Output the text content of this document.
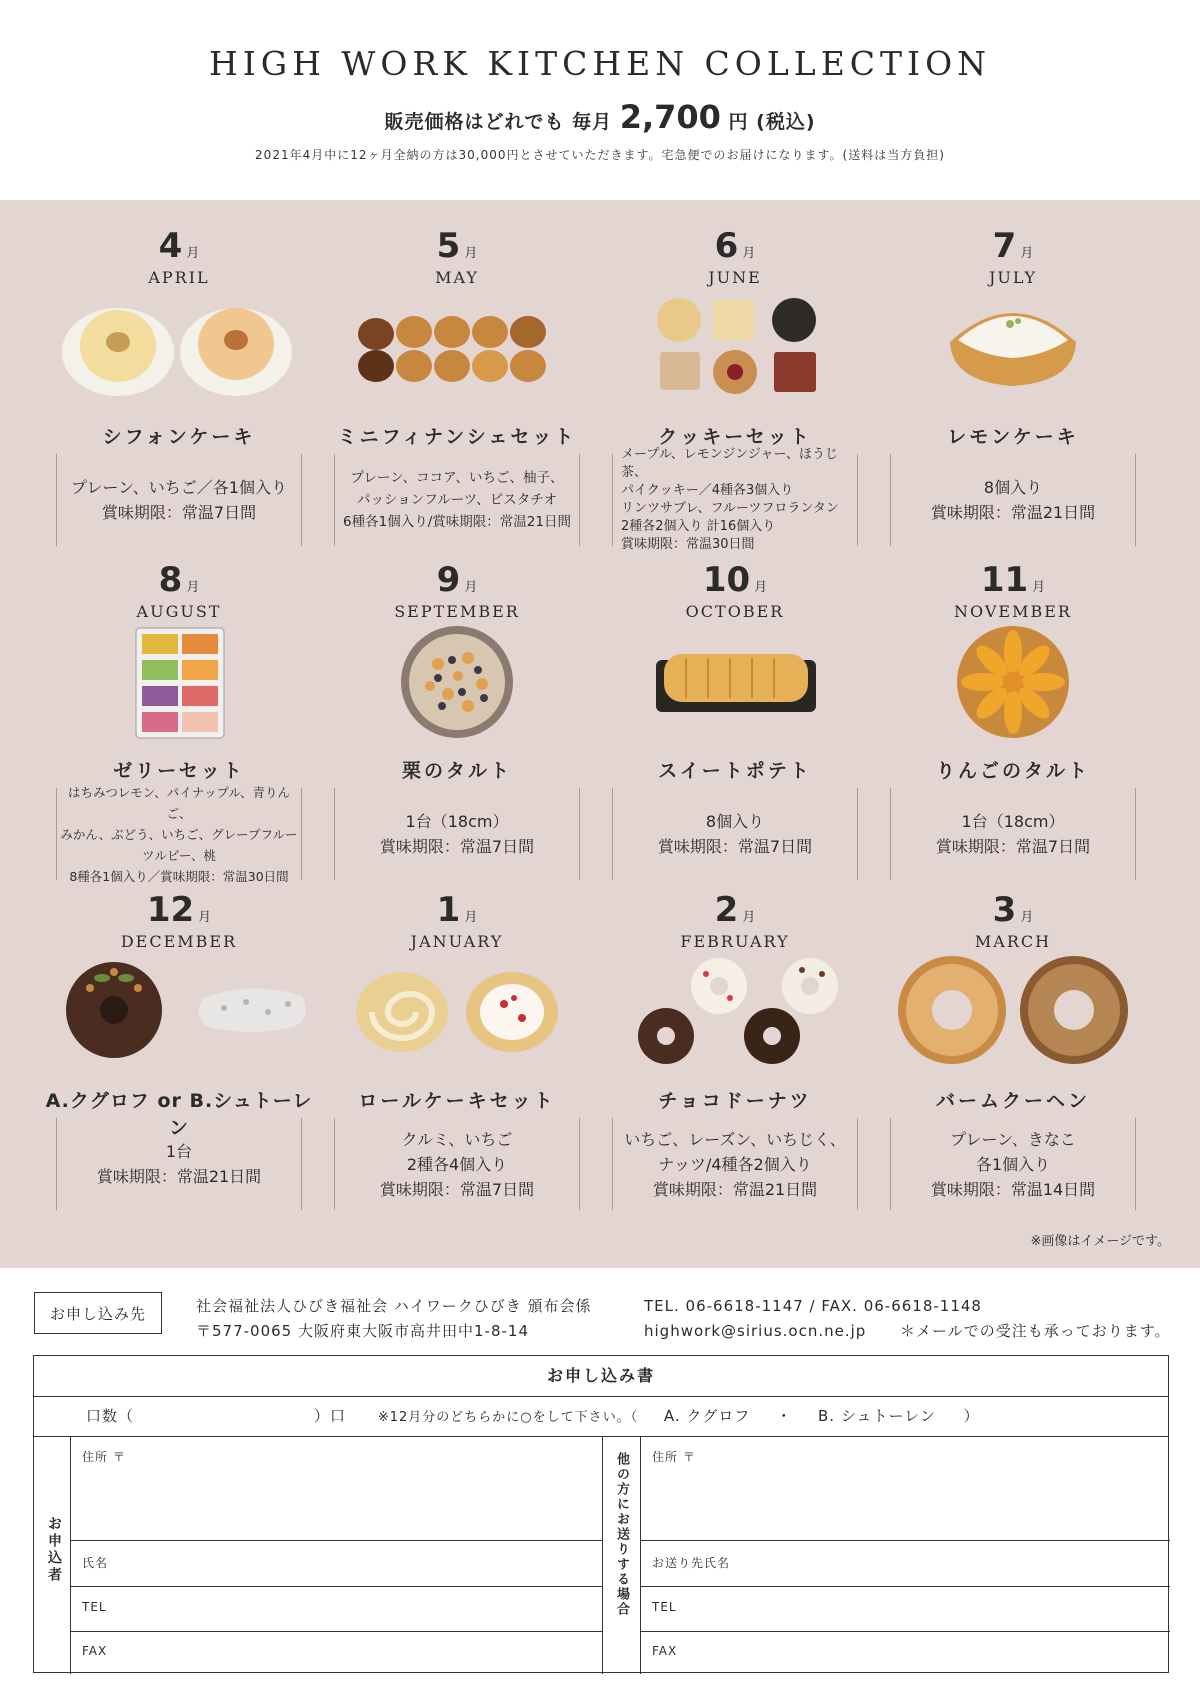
HIGH WORK KITCHEN COLLECTION
販売価格はどれでも 毎月 2,700 円 (税込)
2021年4月中に12ヶ月全納の方は30,000円とさせていただきます。宅急便でのお届けになります。(送料は当方負担)
4 月
APRIL
シフォンケーキ
プレーン、いちご／各1個入り
賞味期限：常温7日間
5 月
MAY
ミニフィナンシェセット
プレーン、ココア、いちご、柚子、
パッションフルーツ、ピスタチオ
6種各1個入り/賞味期限：常温21日間
6 月
JUNE
クッキーセット
メープル、レモンジンジャー、ほうじ茶、
パイクッキー／4種各3個入り
リンツサブレ、フルーツフロランタン
2種各2個入り 計16個入り
賞味期限：常温30日間
7 月
JULY
レモンケーキ
8個入り
賞味期限：常温21日間
8 月
AUGUST
ゼリーセット
はちみつレモン、パイナップル、青りんご、
みかん、ぶどう、いちご、グレープフルーツルビー、桃
8種各1個入り／賞味期限：常温30日間
9 月
SEPTEMBER
栗のタルト
1台（18cm）
賞味期限：常温7日間
10 月
OCTOBER
スイートポテト
8個入り
賞味期限：常温7日間
11 月
NOVEMBER
りんごのタルト
1台（18cm）
賞味期限：常温7日間
12 月
DECEMBER
A.クグロフ or B.シュトーレン
1台
賞味期限：常温21日間
1 月
JANUARY
ロールケーキセット
クルミ、いちご
2種各4個入り
賞味期限：常温7日間
2 月
FEBRUARY
チョコドーナツ
いちご、レーズン、いちじく、
ナッツ/4種各2個入り
賞味期限：常温21日間
3 月
MARCH
バームクーヘン
プレーン、きなこ
各1個入り
賞味期限：常温14日間
※画像はイメージです。
お申し込み先	社会福祉法人ひびき福祉会 ハイワークひびき 頒布会係
〒577-0065 大阪府東大阪市高井田中1-8-14
TEL. 06-6618-1147 / FAX. 06-6618-1148
highwork@sirius.ocn.ne.jp	＊メールでの受注も承っております。
お申し込み書
口数（	）口 ※12月分のどちらかに○をして下さい。（ A. クグロフ ・ B. シュトーレン ）
お申込者	他の方にお送りする場合
住所 〒
氏名
TEL
FAX
住所 〒
お送り先氏名
TEL
FAX
